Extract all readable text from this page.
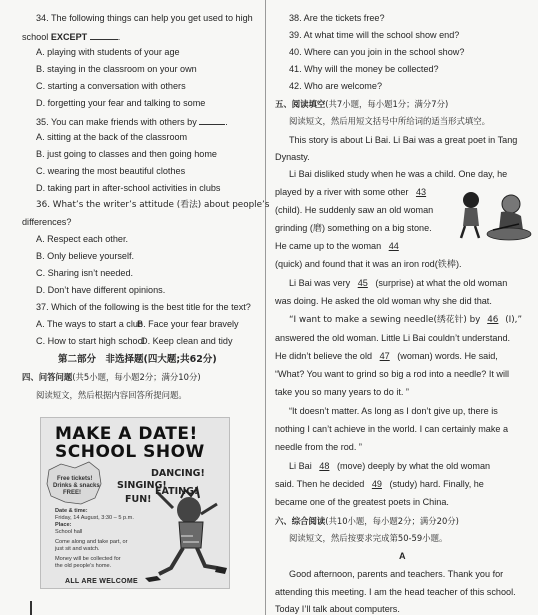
34. The following things can help you get used to high
school EXCEPT	.
A. playing with students of your age
B. staying in the classroom on your own
C. starting a conversation with others
D. forgetting your fear and talking to some
35. You can make friends with others by	.
A. sitting at the back of the classroom
B. just going to classes and then going home
C. wearing the most beautiful clothes
D. taking part in after-school activities in clubs
36. What’s the writer’s attitude (看法) about people’s
differences?
A. Respect each other.
B. Only believe yourself.
C. Sharing isn’t needed.
D. Don’t have different opinions.
37. Which of the following is the best title for the text?
A. The ways to start a club
B. Face your fear bravely
C. How to start high school
D. Keep clean and tidy
第二部分　非选择题(四大题;共62分)
四、问答问题(共5小题，每小题2分；满分10分)
阅读短文，然后根据内容回答所提问题。
MAKE A DATE!
SCHOOL SHOW
DANCING!
SINGING!
EATING!
FUN!
Free tickets!
Drinks & snacks
FREE!
Date & time:
Friday, 14 August, 3:30 – 5 p.m.
Place:
School hall
Come along and take part, or
just sit and watch.
Money will be collected for
the old people’s home.
ALL ARE WELCOME
38. Are the tickets free?
39. At what time will the school show end?
40. Where can you join in the school show?
41. Why will the money be collected?
42. Who are welcome?
五、阅读填空(共7小题，每小题1分；满分7分)
阅读短文，然后用短文括号中所给词的适当形式填空。
This story is about Li Bai. Li Bai was a great poet in Tang
Dynasty.
Li Bai disliked study when he was a child. One day, he
played by a river with some other 43
(child). He suddenly saw an old woman
grinding (磨) something on a big stone.
He came up to the woman 44
(quick) and found that it was an iron rod(铁棒).
Li Bai was very 45 (surprise) at what the old woman
was doing. He asked the old woman why she did that.
“I want to make a sewing needle(绣花针) by 46 (I),”
answered the old woman. Little Li Bai couldn’t understand.
He didn’t believe the old 47 (woman) words. He said,
“What? You want to grind so big a rod into a needle? It will
take you so many years to do it. ”
“It doesn’t matter. As long as I don’t give up, there is
nothing I can’t achieve in the world. I can certainly make a
needle from the rod. ”
Li Bai 48 (move) deeply by what the old woman
said. Then he decided 49 (study) hard. Finally, he
became one of the greatest poets in China.
六、综合阅读(共10小题，每小题2分；满分20分)
阅读短文，然后按要求完成第50-59小题。
A
Good afternoon, parents and teachers. Thank you for
attending this meeting. I am the head teacher of this school.
Today I’ll talk about computers.
